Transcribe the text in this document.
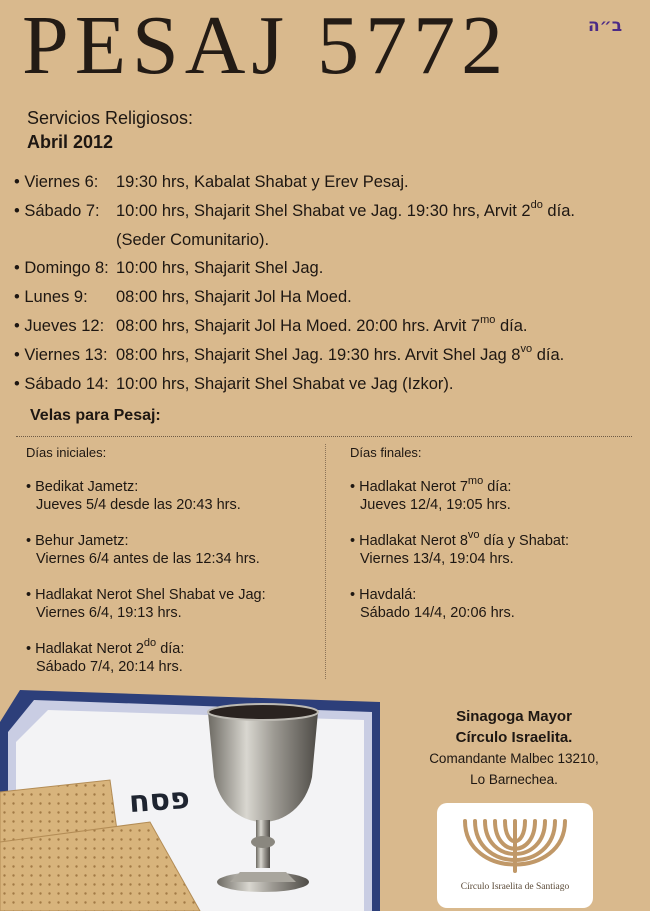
PESAJ 5772	ב״ה
Servicios Religiosos:
Abril 2012
• Viernes 6:	19:30 hrs, Kabalat Shabat y Erev Pesaj.
• Sábado 7: 10:00 hrs, Shajarit Shel Shabat ve Jag. 19:30 hrs, Arvit $2^{do}$ día.
(Seder Comunitario).
• Domingo 8: 10:00 hrs, Shajarit Shel Jag.
• Lunes 9:	08:00 hrs, Shajarit Jol Ha Moed.
• Jueves 12: 08:00 hrs, Shajarit Jol Ha Moed. 20:00 hrs. Arvit $7^{mo}$ día.
• Viernes 13: 08:00 hrs, Shajarit Shel Jag. 19:30 hrs. Arvit Shel Jag $8^{vo}$ día.
• Sábado 14: 10:00 hrs, Shajarit Shel Shabat ve Jag (Izkor).
Velas para Pesaj:
Días iniciales:
• Bedikat Jametz:
Jueves 5/4 desde las 20:43 hrs.
• Behur Jametz:
Viernes 6/4 antes de las 12:34 hrs.
• Hadlakat Nerot Shel Shabat ve Jag:
Viernes 6/4, 19:13 hrs.
• Hadlakat Nerot $2^{do}$ día:
Sábado 7/4, 20:14 hrs.
Días finales:
• Hadlakat Nerot $7^{mo}$ día:
Jueves 12/4, 19:05 hrs.
• Hadlakat Nerot $8^{vo}$ día y Shabat:
Viernes 13/4, 19:04 hrs.
• Havdalá:
Sábado 14/4, 20:06 hrs.
פסח
Sinagoga Mayor
Círculo Israelita.
Comandante Malbec 13210,
Lo Barnechea.
Círculo Israelita de Santiago
